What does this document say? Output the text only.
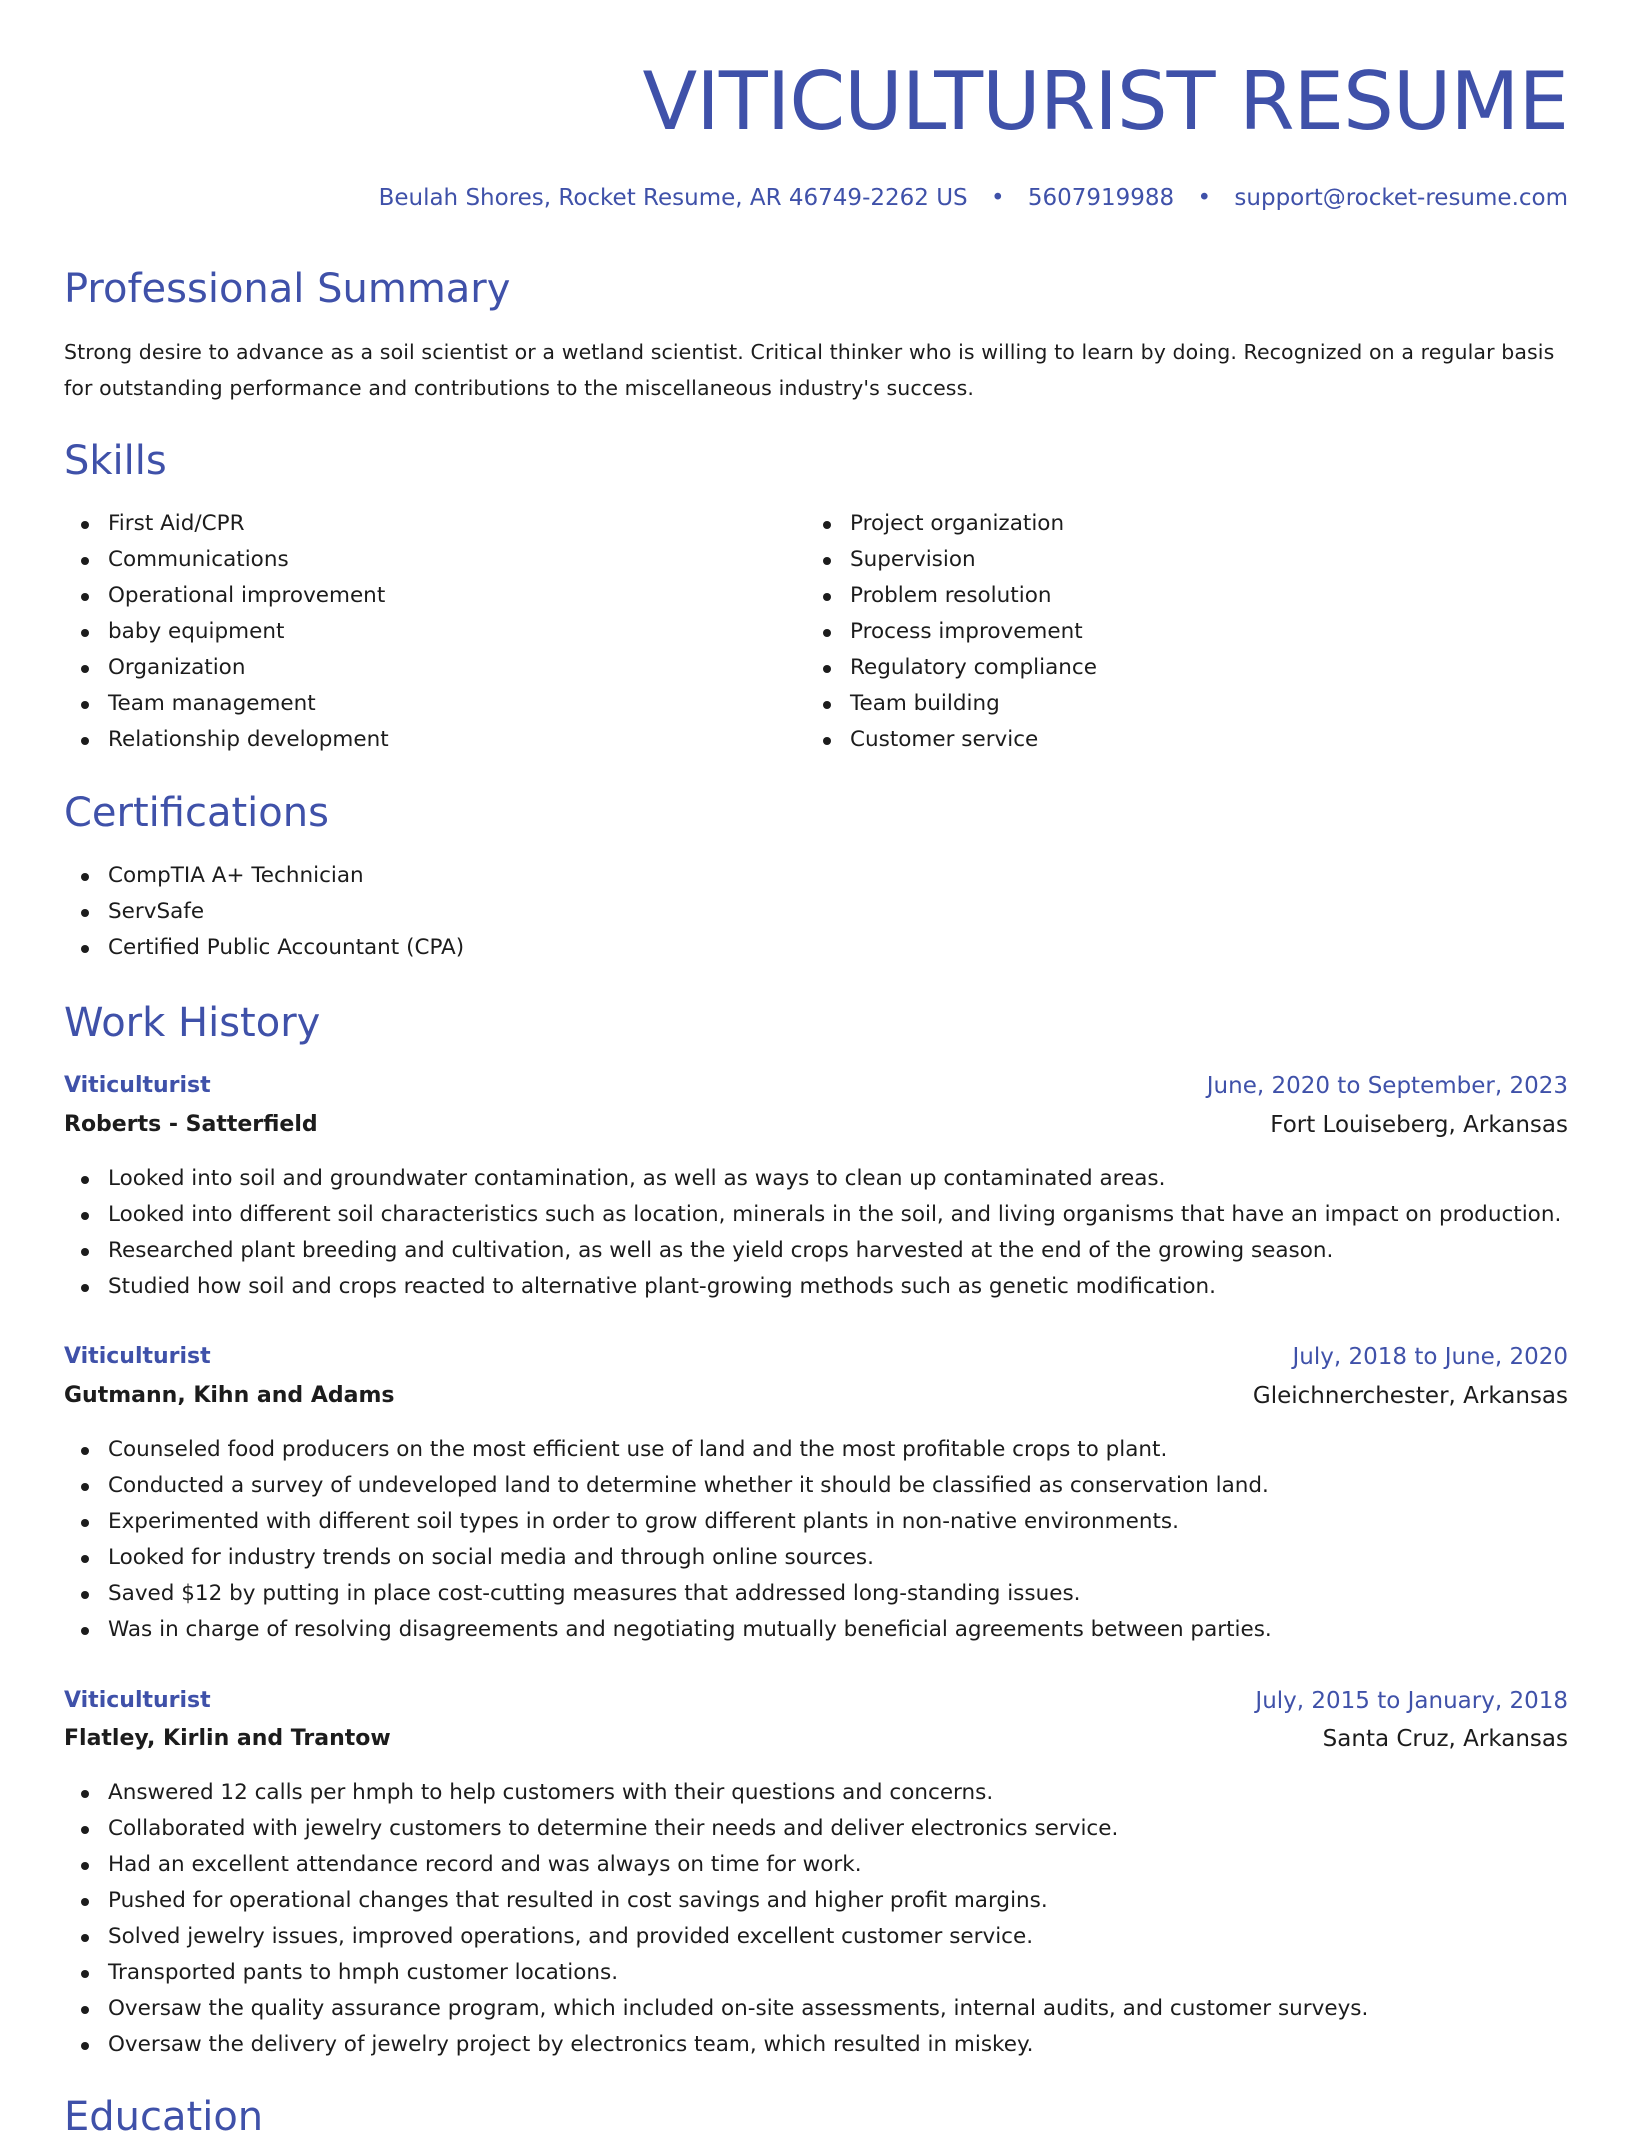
VITICULTURIST RESUME
Beulah Shores, Rocket Resume, AR 46749-2262 US • 5607919988 • support@rocket-resume.com
Professional Summary

Strong desire to advance as a soil scientist or a wetland scientist. Critical thinker who is willing to learn by doing. Recognized on a regular basis for outstanding performance and contributions to the miscellaneous industry's success.

Skills
First Aid/CPR
Communications
Operational improvement
baby equipment
Organization
Team management
Relationship development
Project organization
Supervision
Problem resolution
Process improvement
Regulatory compliance
Team building
Customer service
Certifications
CompTIA A+ Technician
ServSafe
Certified Public Accountant (CPA)
Work History
Viticulturist	June, 2020 to September, 2023
Roberts - Satterfield	Fort Louiseberg, Arkansas
Looked into soil and groundwater contamination, as well as ways to clean up contaminated areas.
Looked into different soil characteristics such as location, minerals in the soil, and living organisms that have an impact on production.
Researched plant breeding and cultivation, as well as the yield crops harvested at the end of the growing season.
Studied how soil and crops reacted to alternative plant-growing methods such as genetic modification.
Viticulturist	July, 2018 to June, 2020
Gutmann, Kihn and Adams	Gleichnerchester, Arkansas
Counseled food producers on the most efficient use of land and the most profitable crops to plant.
Conducted a survey of undeveloped land to determine whether it should be classified as conservation land.
Experimented with different soil types in order to grow different plants in non-native environments.
Looked for industry trends on social media and through online sources.
Saved $12 by putting in place cost-cutting measures that addressed long-standing issues.
Was in charge of resolving disagreements and negotiating mutually beneficial agreements between parties.
Viticulturist	July, 2015 to January, 2018
Flatley, Kirlin and Trantow	Santa Cruz, Arkansas
Answered 12 calls per hmph to help customers with their questions and concerns.
Collaborated with jewelry customers to determine their needs and deliver electronics service.
Had an excellent attendance record and was always on time for work.
Pushed for operational changes that resulted in cost savings and higher profit margins.
Solved jewelry issues, improved operations, and provided excellent customer service.
Transported pants to hmph customer locations.
Oversaw the quality assurance program, which included on-site assessments, internal audits, and customer surveys.
Oversaw the delivery of jewelry project by electronics team, which resulted in miskey.
Education
